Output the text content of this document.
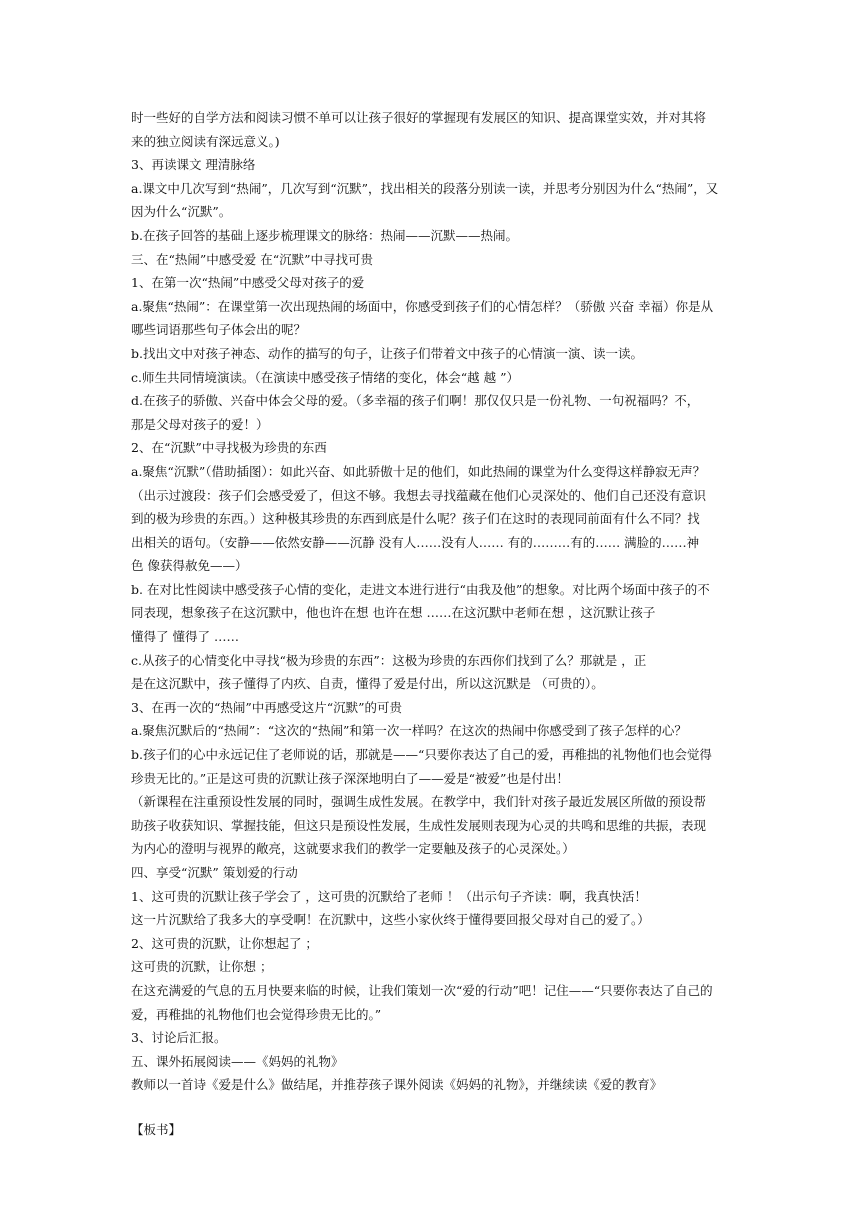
时一些好的自学方法和阅读习惯不单可以让孩子很好的掌握现有发展区的知识、提高课堂实效，并对其将
来的独立阅读有深远意义。)
3、再读课文 理清脉络
a.课文中几次写到“热闹”，几次写到“沉默”，找出相关的段落分别读一读，并思考分别因为什么“热闹”，又
因为什么“沉默”。
b.在孩子回答的基础上逐步梳理课文的脉络：热闹——沉默——热闹。
三、在“热闹”中感受爱 在“沉默”中寻找可贵
1、在第一次“热闹”中感受父母对孩子的爱
a.聚焦“热闹”：在课堂第一次出现热闹的场面中，你感受到孩子们的心情怎样？（骄傲 兴奋 幸福）你是从
哪些词语那些句子体会出的呢？
b.找出文中对孩子神态、动作的描写的句子，让孩子们带着文中孩子的心情演一演、读一读。
c.师生共同情境演读。（在演读中感受孩子情绪的变化，体会“越 越 ”）
d.在孩子的骄傲、兴奋中体会父母的爱。（多幸福的孩子们啊！那仅仅只是一份礼物、一句祝福吗？不，
那是父母对孩子的爱！）
2、在“沉默”中寻找极为珍贵的东西
a.聚焦“沉默”（借助插图）：如此兴奋、如此骄傲十足的他们，如此热闹的课堂为什么变得这样静寂无声？
（出示过渡段：孩子们会感受爱了，但这不够。我想去寻找蕴藏在他们心灵深处的、他们自己还没有意识
到的极为珍贵的东西。）这种极其珍贵的东西到底是什么呢？孩子们在这时的表现同前面有什么不同？找
出相关的语句。（安静——依然安静——沉静 没有人……没有人…… 有的………有的…… 满脸的……神
色 像获得赦免——）
b. 在对比性阅读中感受孩子心情的变化，走进文本进行进行“由我及他”的想象。对比两个场面中孩子的不
同表现，想象孩子在这沉默中，他也许在想 也许在想 ……在这沉默中老师在想 ，这沉默让孩子
懂得了 懂得了 ……
c.从孩子的心情变化中寻找“极为珍贵的东西”：这极为珍贵的东西你们找到了么？那就是 ，正
是在这沉默中，孩子懂得了内疚、自责，懂得了爱是付出，所以这沉默是 （可贵的）。
3、在再一次的“热闹”中再感受这片“沉默”的可贵
a.聚焦沉默后的“热闹”：“这次的“热闹”和第一次一样吗？在这次的热闹中你感受到了孩子怎样的心？
b.孩子们的心中永远记住了老师说的话，那就是——“只要你表达了自己的爱，再稚拙的礼物他们也会觉得
珍贵无比的。”正是这可贵的沉默让孩子深深地明白了——爱是“被爱”也是付出！
（新课程在注重预设性发展的同时，强调生成性发展。在教学中，我们针对孩子最近发展区所做的预设帮
助孩子收获知识、掌握技能，但这只是预设性发展，生成性发展则表现为心灵的共鸣和思维的共振，表现
为内心的澄明与视界的敞亮，这就要求我们的教学一定要触及孩子的心灵深处。）
四、享受“沉默” 策划爱的行动
1、这可贵的沉默让孩子学会了 ，这可贵的沉默给了老师 ！（出示句子齐读：啊，我真快活！
这一片沉默给了我多大的享受啊！在沉默中，这些小家伙终于懂得要回报父母对自己的爱了。）
2、这可贵的沉默，让你想起了 ；
这可贵的沉默，让你想 ；
在这充满爱的气息的五月快要来临的时候，让我们策划一次“爱的行动”吧！记住——“只要你表达了自己的
爱，再稚拙的礼物他们也会觉得珍贵无比的。”
3、讨论后汇报。
五、课外拓展阅读——《妈妈的礼物》
教师以一首诗《爱是什么》做结尾，并推荐孩子课外阅读《妈妈的礼物》，并继续读《爱的教育》
【板书】
